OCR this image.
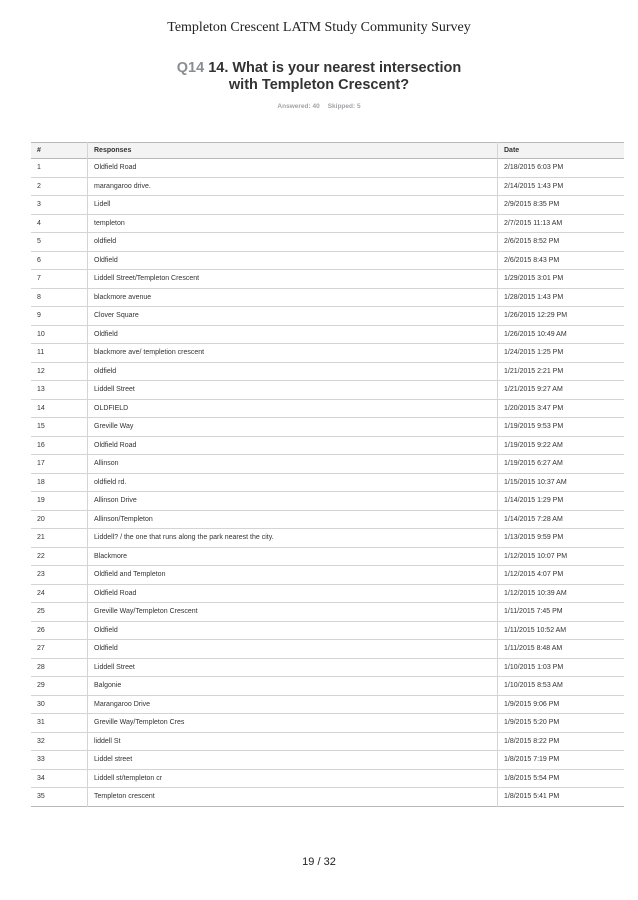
Templeton Crescent LATM Study Community Survey
Q14 14. What is your nearest intersection
with Templeton Crescent?
Answered: 40 Skipped: 5
#	Responses	Date
1	Oldfield Road	2/18/2015 6:03 PM
2	marangaroo drive.	2/14/2015 1:43 PM
3	Lidell	2/9/2015 8:35 PM
4	templeton	2/7/2015 11:13 AM
5	oldfield	2/6/2015 8:52 PM
6	Oldfield	2/6/2015 8:43 PM
7	Liddell Street/Templeton Crescent	1/29/2015 3:01 PM
8	blackmore avenue	1/28/2015 1:43 PM
9	Clover Square	1/26/2015 12:29 PM
10	Oldfield	1/26/2015 10:49 AM
11	blackmore ave/ templetion crescent	1/24/2015 1:25 PM
12	oldfield	1/21/2015 2:21 PM
13	Liddell Street	1/21/2015 9:27 AM
14	OLDFIELD	1/20/2015 3:47 PM
15	Greville Way	1/19/2015 9:53 PM
16	Oldfield Road	1/19/2015 9:22 AM
17	Allinson	1/19/2015 6:27 AM
18	oldfield rd.	1/15/2015 10:37 AM
19	Allinson Drive	1/14/2015 1:29 PM
20	Allinson/Templeton	1/14/2015 7:28 AM
21	Liddell? / the one that runs along the park nearest the city.	1/13/2015 9:59 PM
22	Blackmore	1/12/2015 10:07 PM
23	Oldfield and Templeton	1/12/2015 4:07 PM
24	Oldfield Road	1/12/2015 10:39 AM
25	Greville Way/Templeton Crescent	1/11/2015 7:45 PM
26	Oldfield	1/11/2015 10:52 AM
27	Oldfield	1/11/2015 8:48 AM
28	Liddell Street	1/10/2015 1:03 PM
29	Balgonie	1/10/2015 8:53 AM
30	Marangaroo Drive	1/9/2015 9:06 PM
31	Greville Way/Templeton Cres	1/9/2015 5:20 PM
32	liddell St	1/8/2015 8:22 PM
33	Liddel street	1/8/2015 7:19 PM
34	Liddell st/templeton cr	1/8/2015 5:54 PM
35	Templeton crescent	1/8/2015 5:41 PM
19 / 32
